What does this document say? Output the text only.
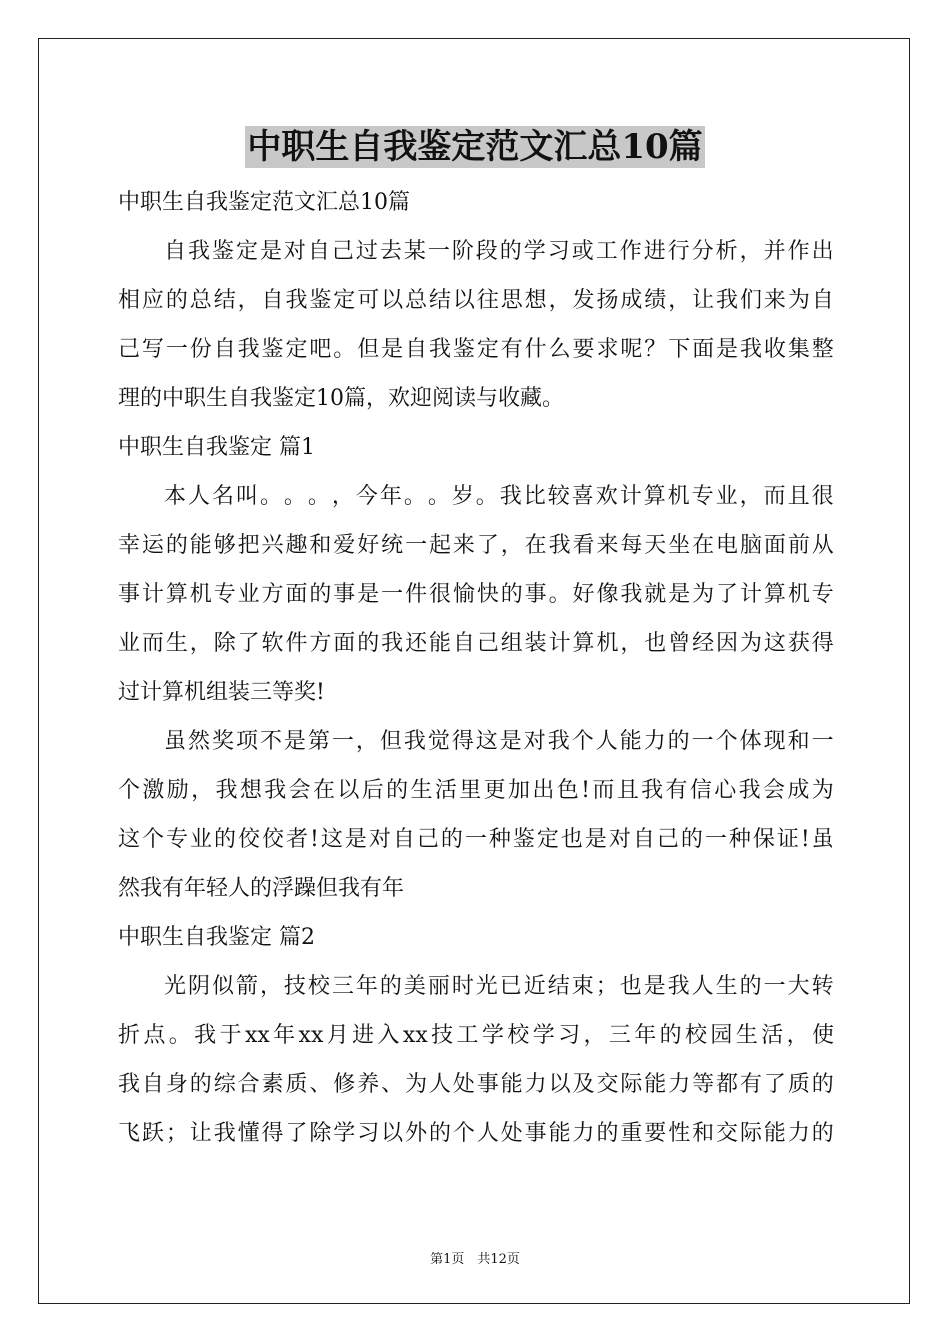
中职生自我鉴定范文汇总10篇
中职生自我鉴定范文汇总10篇
自 我 鉴 定 是 对 自 己 过 去 某 一 阶 段 的 学 习 或 工 作 进 行 分 析 ， 并 作 出
相 应 的 总 结 ， 自 我 鉴 定 可 以 总 结 以 往 思 想 ， 发 扬 成 绩 ， 让 我 们 来 为 自
己 写 一 份 自 我 鉴 定 吧 。 但 是 自 我 鉴 定 有 什 么 要 求 呢 ？ 下 面 是 我 收 集 整
理的中职生自我鉴定10篇，欢迎阅读与收藏。
中职生自我鉴定 篇1
本 人 名 叫 。 。 。 ， 今 年 。 。 岁 。 我 比 较 喜 欢 计 算 机 专 业 ， 而 且 很
幸 运 的 能 够 把 兴 趣 和 爱 好 统 一 起 来 了 ， 在 我 看 来 每 天 坐 在 电 脑 面 前 从
事 计 算 机 专 业 方 面 的 事 是 一 件 很 愉 快 的 事 。 好 像 我 就 是 为 了 计 算 机 专
业 而 生 ， 除 了 软 件 方 面 的 我 还 能 自 己 组 装 计 算 机 ， 也 曾 经 因 为 这 获 得
过计算机组装三等奖!
虽 然 奖 项 不 是 第 一 ， 但 我 觉 得 这 是 对 我 个 人 能 力 的 一 个 体 现 和 一
个 激 励 ， 我 想 我 会 在 以 后 的 生 活 里 更 加 出 色 ! 而 且 我 有 信 心 我 会 成 为
这 个 专 业 的 佼 佼 者 ! 这 是 对 自 己 的 一 种 鉴 定 也 是 对 自 己 的 一 种 保 证 ! 虽
然我有年轻人的浮躁但我有年
中职生自我鉴定 篇2
光 阴 似 箭 ， 技 校 三 年 的 美 丽 时 光 已 近 结 束 ； 也 是 我 人 生 的 一 大 转
折 点 。 我 于 xx 年 xx 月 进 入 xx 技 工 学 校 学 习 ， 三 年 的 校 园 生 活 ， 使
我 自 身 的 综 合 素 质 、 修 养 、 为 人 处 事 能 力 以 及 交 际 能 力 等 都 有 了 质 的
飞 跃 ； 让 我 懂 得 了 除 学 习 以 外 的 个 人 处 事 能 力 的 重 要 性 和 交 际 能 力 的
第1页　共12页
